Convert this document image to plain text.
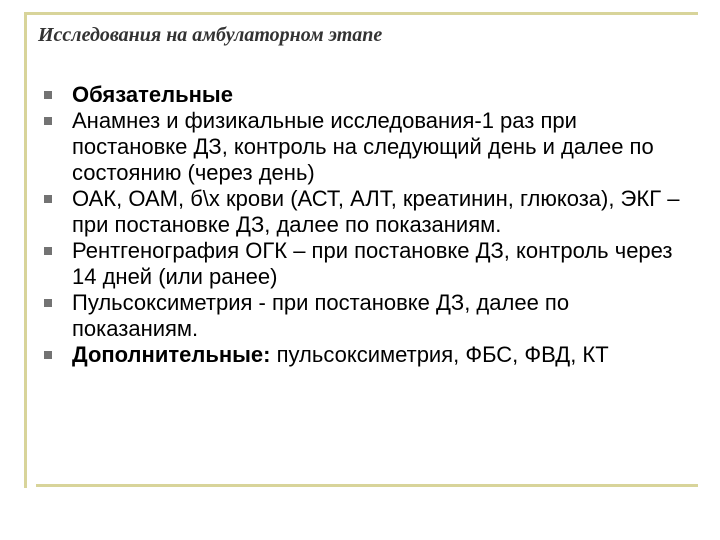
Исследования на амбулаторном этапе
Обязательные
Анамнез и физикальные исследования-1 раз при постановке ДЗ, контроль на следующий день и далее по состоянию (через день)
ОАК, ОАМ, б\х крови (АСТ, АЛТ, креатинин, глюкоза), ЭКГ – при постановке ДЗ, далее по показаниям.
Рентгенография ОГК – при постановке ДЗ, контроль через 14 дней (или ранее)
Пульсоксиметрия - при постановке ДЗ, далее по показаниям.
Дополнительные: пульсоксиметрия, ФБС, ФВД, КТ
